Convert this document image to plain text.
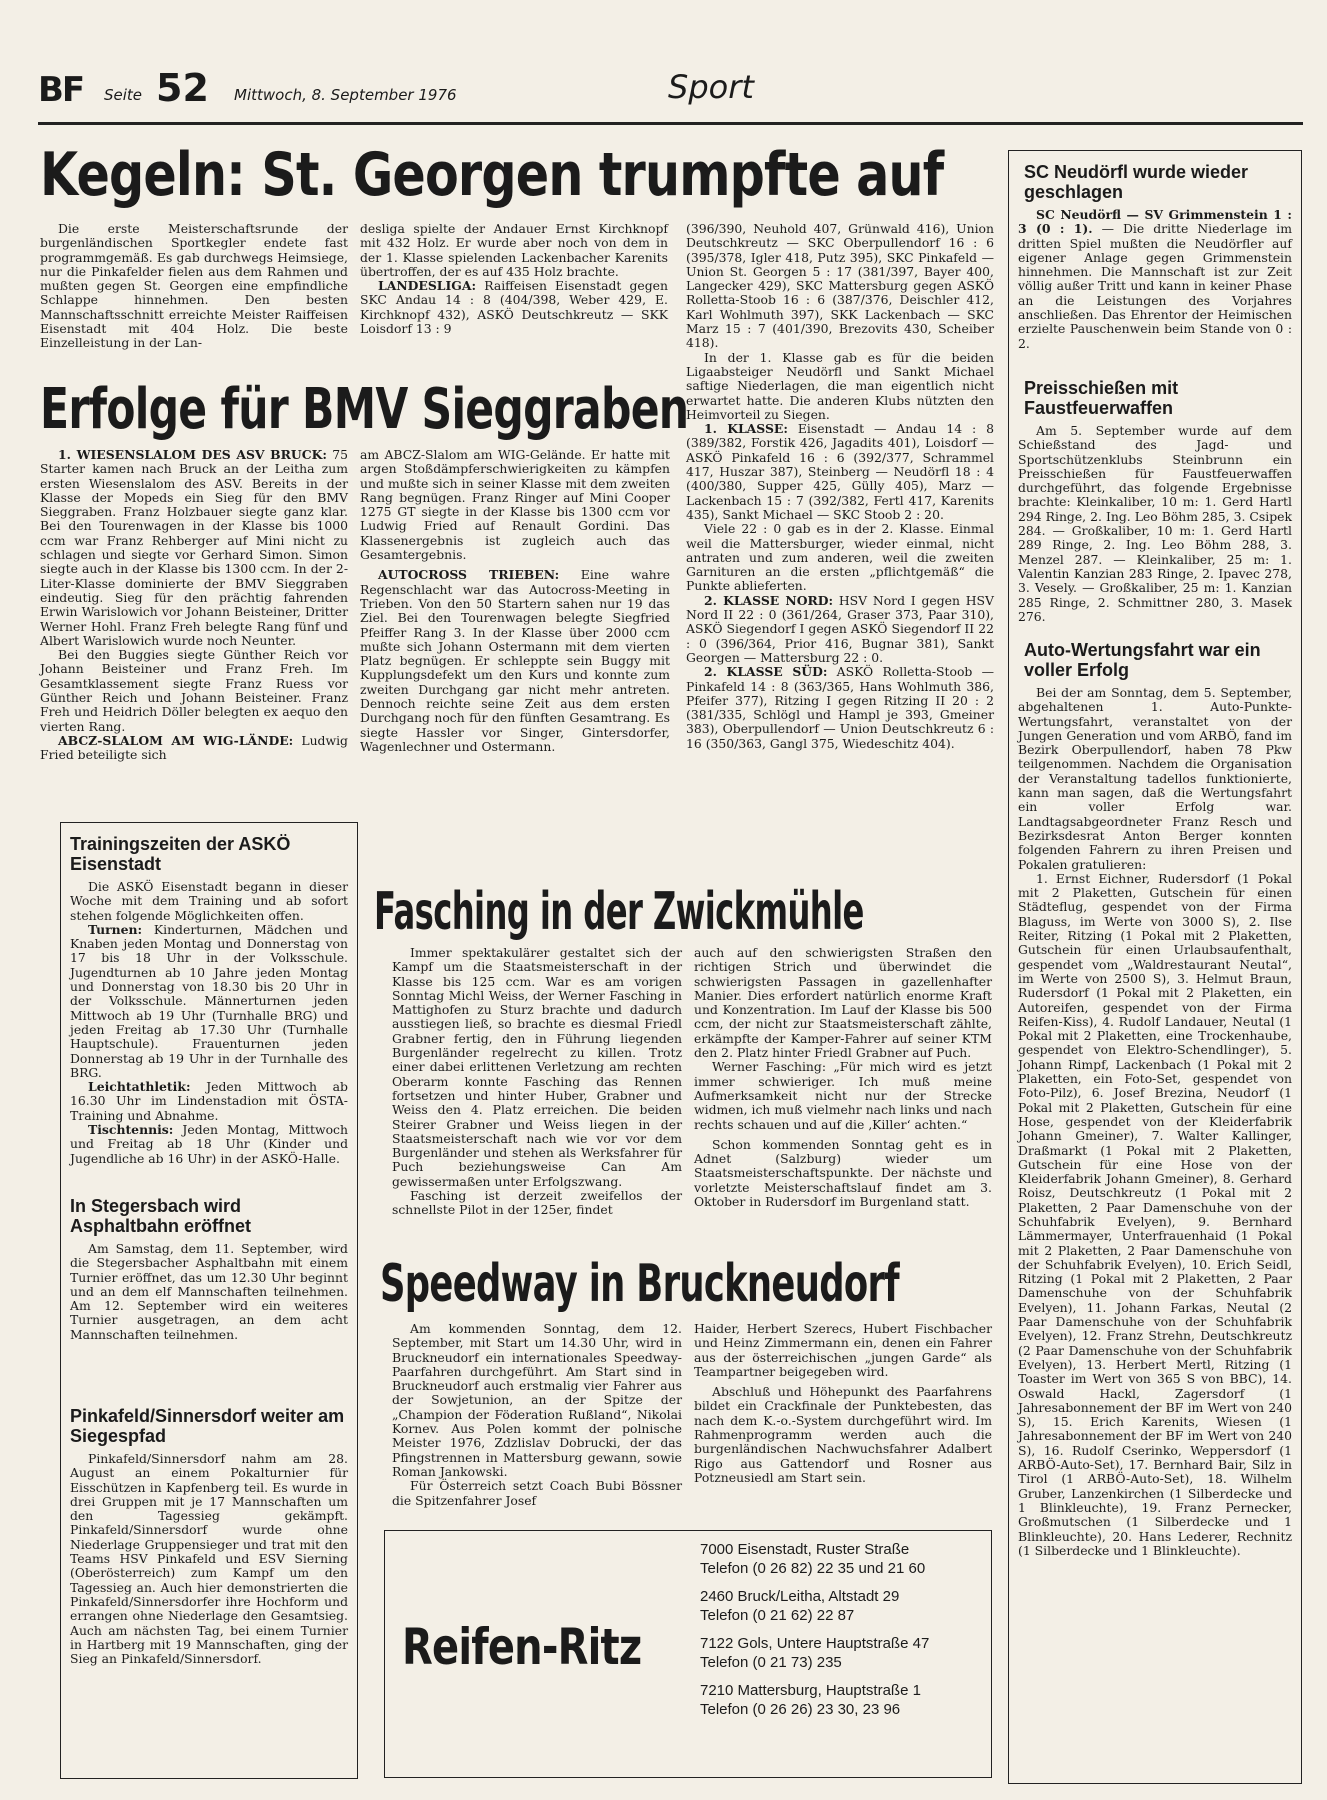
BF Seite 52 Mittwoch, 8. September 1976	Sport
Kegeln: St. Georgen trumpfte auf

Die erste Meisterschaftsrunde der burgenländischen Sportkegler endete fast programmgemäß. Es gab durchwegs Heimsiege, nur die Pinkafelder fielen aus dem Rahmen und mußten gegen St. Georgen eine empfindliche Schlappe hinnehmen. Den besten Mannschaftsschnitt erreichte Meister Raiffeisen Eisenstadt mit 404 Holz. Die beste Einzelleistung in der Lan-

desliga spielte der Andauer Ernst Kirchknopf mit 432 Holz. Er wurde aber noch von dem in der 1. Klasse spielenden Lackenbacher Karenits übertroffen, der es auf 435 Holz brachte.

LANDESLIGA: Raiffeisen Eisenstadt gegen SKC Andau 14 : 8 (404/398, Weber 429, E. Kirchknopf 432), ASKÖ Deutschkreutz — SKK Loisdorf 13 : 9

(396/390, Neuhold 407, Grünwald 416), Union Deutschkreutz — SKC Oberpullendorf 16 : 6 (395/378, Igler 418, Putz 395), SKC Pinkafeld — Union St. Georgen 5 : 17 (381/397, Bayer 400, Langecker 429), SKC Mattersburg gegen ASKÖ Rolletta-Stoob 16 : 6 (387/376, Deischler 412, Karl Wohlmuth 397), SKK Lackenbach — SKC Marz 15 : 7 (401/390, Brezovits 430, Scheiber 418).

In der 1. Klasse gab es für die beiden Ligaabsteiger Neudörfl und Sankt Michael saftige Niederlagen, die man eigentlich nicht erwartet hatte. Die anderen Klubs nützten den Heimvorteil zu Siegen.

1. KLASSE: Eisenstadt — Andau 14 : 8 (389/382, Forstik 426, Jagadits 401), Loisdorf — ASKÖ Pinkafeld 16 : 6 (392/377, Schrammel 417, Huszar 387), Steinberg — Neudörfl 18 : 4 (400/380, Supper 425, Gülly 405), Marz — Lackenbach 15 : 7 (392/382, Fertl 417, Karenits 435), Sankt Michael — SKC Stoob 2 : 20.

Viele 22 : 0 gab es in der 2. Klasse. Einmal weil die Mattersburger, wieder einmal, nicht antraten und zum anderen, weil die zweiten Garnituren an die ersten „pflichtgemäß“ die Punkte ablieferten.

2. KLASSE NORD: HSV Nord I gegen HSV Nord II 22 : 0 (361/264, Graser 373, Paar 310), ASKÖ Siegendorf I gegen ASKÖ Siegendorf II 22 : 0 (396/364, Prior 416, Bugnar 381), Sankt Georgen — Mattersburg 22 : 0.

2. KLASSE SÜD: ASKÖ Rolletta-Stoob — Pinkafeld 14 : 8 (363/365, Hans Wohlmuth 386, Pfeifer 377), Ritzing I gegen Ritzing II 20 : 2 (381/335, Schlögl und Hampl je 393, Gmeiner 383), Oberpullendorf — Union Deutschkreutz 6 : 16 (350/363, Gangl 375, Wiedeschitz 404).

Erfolge für BMV Sieggraben

1. WIESENSLALOM DES ASV BRUCK: 75 Starter kamen nach Bruck an der Leitha zum ersten Wiesenslalom des ASV. Bereits in der Klasse der Mopeds ein Sieg für den BMV Sieggraben. Franz Holzbauer siegte ganz klar. Bei den Tourenwagen in der Klasse bis 1000 ccm war Franz Rehberger auf Mini nicht zu schlagen und siegte vor Gerhard Simon. Simon siegte auch in der Klasse bis 1300 ccm. In der 2-Liter-Klasse dominierte der BMV Sieggraben eindeutig. Sieg für den prächtig fahrenden Erwin Warislowich vor Johann Beisteiner, Dritter Werner Hohl. Franz Freh belegte Rang fünf und Albert Warislowich wurde noch Neunter.

Bei den Buggies siegte Günther Reich vor Johann Beisteiner und Franz Freh. Im Gesamtklassement siegte Franz Ruess vor Günther Reich und Johann Beisteiner. Franz Freh und Heidrich Döller belegten ex aequo den vierten Rang.

ABCZ-SLALOM AM WIG-LÄNDE: Ludwig Fried beteiligte sich

am ABCZ-Slalom am WIG-Gelände. Er hatte mit argen Stoßdämpferschwierigkeiten zu kämpfen und mußte sich in seiner Klasse mit dem zweiten Rang begnügen. Franz Ringer auf Mini Cooper 1275 GT siegte in der Klasse bis 1300 ccm vor Ludwig Fried auf Renault Gordini. Das Klassenergebnis ist zugleich auch das Gesamtergebnis.

AUTOCROSS TRIEBEN: Eine wahre Regenschlacht war das Autocross-Meeting in Trieben. Von den 50 Startern sahen nur 19 das Ziel. Bei den Tourenwagen belegte Siegfried Pfeiffer Rang 3. In der Klasse über 2000 ccm mußte sich Johann Ostermann mit dem vierten Platz begnügen. Er schleppte sein Buggy mit Kupplungsdefekt um den Kurs und konnte zum zweiten Durchgang gar nicht mehr antreten. Dennoch reichte seine Zeit aus dem ersten Durchgang noch für den fünften Gesamtrang. Es siegte Hassler vor Singer, Gintersdorfer, Wagenlechner und Ostermann.

Trainingszeiten der ASKÖ Eisenstadt

Die ASKÖ Eisenstadt begann in dieser Woche mit dem Training und ab sofort stehen folgende Möglichkeiten offen.

Turnen: Kinderturnen, Mädchen und Knaben jeden Montag und Donnerstag von 17 bis 18 Uhr in der Volksschule. Jugendturnen ab 10 Jahre jeden Montag und Donnerstag von 18.30 bis 20 Uhr in der Volksschule. Männerturnen jeden Mittwoch ab 19 Uhr (Turnhalle BRG) und jeden Freitag ab 17.30 Uhr (Turnhalle Hauptschule). Frauenturnen jeden Donnerstag ab 19 Uhr in der Turnhalle des BRG.

Leichtathletik: Jeden Mittwoch ab 16.30 Uhr im Lindenstadion mit ÖSTA-Training und Abnahme.

Tischtennis: Jeden Montag, Mittwoch und Freitag ab 18 Uhr (Kinder und Jugendliche ab 16 Uhr) in der ASKÖ-Halle.

In Stegersbach wird Asphaltbahn eröffnet

Am Samstag, dem 11. September, wird die Stegersbacher Asphaltbahn mit einem Turnier eröffnet, das um 12.30 Uhr beginnt und an dem elf Mannschaften teilnehmen. Am 12. September wird ein weiteres Turnier ausgetragen, an dem acht Mannschaften teilnehmen.

Pinkafeld/Sinnersdorf weiter am Siegespfad

Pinkafeld/Sinnersdorf nahm am 28. August an einem Pokalturnier für Eisschützen in Kapfenberg teil. Es wurde in drei Gruppen mit je 17 Mannschaften um den Tagessieg gekämpft. Pinkafeld/Sinnersdorf wurde ohne Niederlage Gruppensieger und trat mit den Teams HSV Pinkafeld und ESV Sierning (Oberösterreich) zum Kampf um den Tagessieg an. Auch hier demonstrierten die Pinkafeld/Sinnersdorfer ihre Hochform und errangen ohne Niederlage den Gesamtsieg. Auch am nächsten Tag, bei einem Turnier in Hartberg mit 19 Mannschaften, ging der Sieg an Pinkafeld/Sinnersdorf.

Fasching in der Zwickmühle

Immer spektakulärer gestaltet sich der Kampf um die Staatsmeisterschaft in der Klasse bis 125 ccm. War es am vorigen Sonntag Michl Weiss, der Werner Fasching in Mattighofen zu Sturz brachte und dadurch ausstiegen ließ, so brachte es diesmal Friedl Grabner fertig, den in Führung liegenden Burgenländer regelrecht zu killen. Trotz einer dabei erlittenen Verletzung am rechten Oberarm konnte Fasching das Rennen fortsetzen und hinter Huber, Grabner und Weiss den 4. Platz erreichen. Die beiden Steirer Grabner und Weiss liegen in der Staatsmeisterschaft nach wie vor vor dem Burgenländer und stehen als Werksfahrer für Puch beziehungsweise Can Am gewissermaßen unter Erfolgszwang.

Fasching ist derzeit zweifellos der schnellste Pilot in der 125er, findet

auch auf den schwierigsten Straßen den richtigen Strich und überwindet die schwierigsten Passagen in gazellenhafter Manier. Dies erfordert natürlich enorme Kraft und Konzentration. Im Lauf der Klasse bis 500 ccm, der nicht zur Staatsmeisterschaft zählte, erkämpfte der Kamper-Fahrer auf seiner KTM den 2. Platz hinter Friedl Grabner auf Puch.

Werner Fasching: „Für mich wird es jetzt immer schwieriger. Ich muß meine Aufmerksamkeit nicht nur der Strecke widmen, ich muß vielmehr nach links und nach rechts schauen und auf die ‚Killer‘ achten.“

Schon kommenden Sonntag geht es in Adnet (Salzburg) wieder um Staatsmeisterschaftspunkte. Der nächste und vorletzte Meisterschaftslauf findet am 3. Oktober in Rudersdorf im Burgenland statt.

Speedway in Bruckneudorf

Am kommenden Sonntag, dem 12. September, mit Start um 14.30 Uhr, wird in Bruckneudorf ein internationales Speedway-Paarfahren durchgeführt. Am Start sind in Bruckneudorf auch erstmalig vier Fahrer aus der Sowjetunion, an der Spitze der „Champion der Föderation Rußland“, Nikolai Kornev. Aus Polen kommt der polnische Meister 1976, Zdzlislav Dobrucki, der das Pfingstrennen in Mattersburg gewann, sowie Roman Jankowski.

Für Österreich setzt Coach Bubi Bössner die Spitzenfahrer Josef

Haider, Herbert Szerecs, Hubert Fischbacher und Heinz Zimmermann ein, denen ein Fahrer aus der österreichischen „jungen Garde“ als Teampartner beigegeben wird.

Abschluß und Höhepunkt des Paarfahrens bildet ein Crackfinale der Punktebesten, das nach dem K.-o.-System durchgeführt wird. Im Rahmenprogramm werden auch die burgenländischen Nachwuchsfahrer Adalbert Rigo aus Gattendorf und Rosner aus Potzneusiedl am Start sein.

Reifen-Ritz
7000 Eisenstadt, Ruster Straße
Telefon (0 26 82) 22 35 und 21 60
2460 Bruck/Leitha, Altstadt 29
Telefon (0 21 62) 22 87
7122 Gols, Untere Hauptstraße 47
Telefon (0 21 73) 235
7210 Mattersburg, Hauptstraße 1
Telefon (0 26 26) 23 30, 23 96
SC Neudörfl wurde wieder geschlagen

SC Neudörfl — SV Grimmenstein 1 : 3 (0 : 1). — Die dritte Niederlage im dritten Spiel mußten die Neudörfler auf eigener Anlage gegen Grimmenstein hinnehmen. Die Mannschaft ist zur Zeit völlig außer Tritt und kann in keiner Phase an die Leistungen des Vorjahres anschließen. Das Ehrentor der Heimischen erzielte Pauschenwein beim Stande von 0 : 2.

Preisschießen mit Faustfeuerwaffen

Am 5. September wurde auf dem Schießstand des Jagd- und Sportschützenklubs Steinbrunn ein Preisschießen für Faustfeuerwaffen durchgeführt, das folgende Ergebnisse brachte: Kleinkaliber, 10 m: 1. Gerd Hartl 294 Ringe, 2. Ing. Leo Böhm 285, 3. Csipek 284. — Großkaliber, 10 m: 1. Gerd Hartl 289 Ringe, 2. Ing. Leo Böhm 288, 3. Menzel 287. — Kleinkaliber, 25 m: 1. Valentin Kanzian 283 Ringe, 2. Ipavec 278, 3. Vesely. — Großkaliber, 25 m: 1. Kanzian 285 Ringe, 2. Schmittner 280, 3. Masek 276.

Auto-Wertungsfahrt war ein voller Erfolg

Bei der am Sonntag, dem 5. September, abgehaltenen 1. Auto-Punkte-Wertungsfahrt, veranstaltet von der Jungen Generation und vom ARBÖ, fand im Bezirk Oberpullendorf, haben 78 Pkw teilgenommen. Nachdem die Organisation der Veranstaltung tadellos funktionierte, kann man sagen, daß die Wertungsfahrt ein voller Erfolg war. Landtagsabgeordneter Franz Resch und Bezirksdesrat Anton Berger konnten folgenden Fahrern zu ihren Preisen und Pokalen gratulieren:

1. Ernst Eichner, Rudersdorf (1 Pokal mit 2 Plaketten, Gutschein für einen Städteflug, gespendet von der Firma Blaguss, im Werte von 3000 S), 2. Ilse Reiter, Ritzing (1 Pokal mit 2 Plaketten, Gutschein für einen Urlaubsaufenthalt, gespendet vom „Waldrestaurant Neutal“, im Werte von 2500 S), 3. Helmut Braun, Rudersdorf (1 Pokal mit 2 Plaketten, ein Autoreifen, gespendet von der Firma Reifen-Kiss), 4. Rudolf Landauer, Neutal (1 Pokal mit 2 Plaketten, eine Trockenhaube, gespendet von Elektro-Schendlinger), 5. Johann Rimpf, Lackenbach (1 Pokal mit 2 Plaketten, ein Foto-Set, gespendet von Foto-Pilz), 6. Josef Brezina, Neudorf (1 Pokal mit 2 Plaketten, Gutschein für eine Hose, gespendet von der Kleiderfabrik Johann Gmeiner), 7. Walter Kallinger, Draßmarkt (1 Pokal mit 2 Plaketten, Gutschein für eine Hose von der Kleiderfabrik Johann Gmeiner), 8. Gerhard Roisz, Deutschkreutz (1 Pokal mit 2 Plaketten, 2 Paar Damenschuhe von der Schuhfabrik Evelyen), 9. Bernhard Lämmermayer, Unterfrauenhaid (1 Pokal mit 2 Plaketten, 2 Paar Damenschuhe von der Schuhfabrik Evelyen), 10. Erich Seidl, Ritzing (1 Pokal mit 2 Plaketten, 2 Paar Damenschuhe von der Schuhfabrik Evelyen), 11. Johann Farkas, Neutal (2 Paar Damenschuhe von der Schuhfabrik Evelyen), 12. Franz Strehn, Deutschkreutz (2 Paar Damenschuhe von der Schuhfabrik Evelyen), 13. Herbert Mertl, Ritzing (1 Toaster im Wert von 365 S von BBC), 14. Oswald Hackl, Zagersdorf (1 Jahresabonnement der BF im Wert von 240 S), 15. Erich Karenits, Wiesen (1 Jahresabonnement der BF im Wert von 240 S), 16. Rudolf Cserinko, Weppersdorf (1 ARBÖ-Auto-Set), 17. Bernhard Bair, Silz in Tirol (1 ARBÖ-Auto-Set), 18. Wilhelm Gruber, Lanzenkirchen (1 Silberdecke und 1 Blinkleuchte), 19. Franz Pernecker, Großmutschen (1 Silberdecke und 1 Blinkleuchte), 20. Hans Lederer, Rechnitz (1 Silberdecke und 1 Blinkleuchte).
